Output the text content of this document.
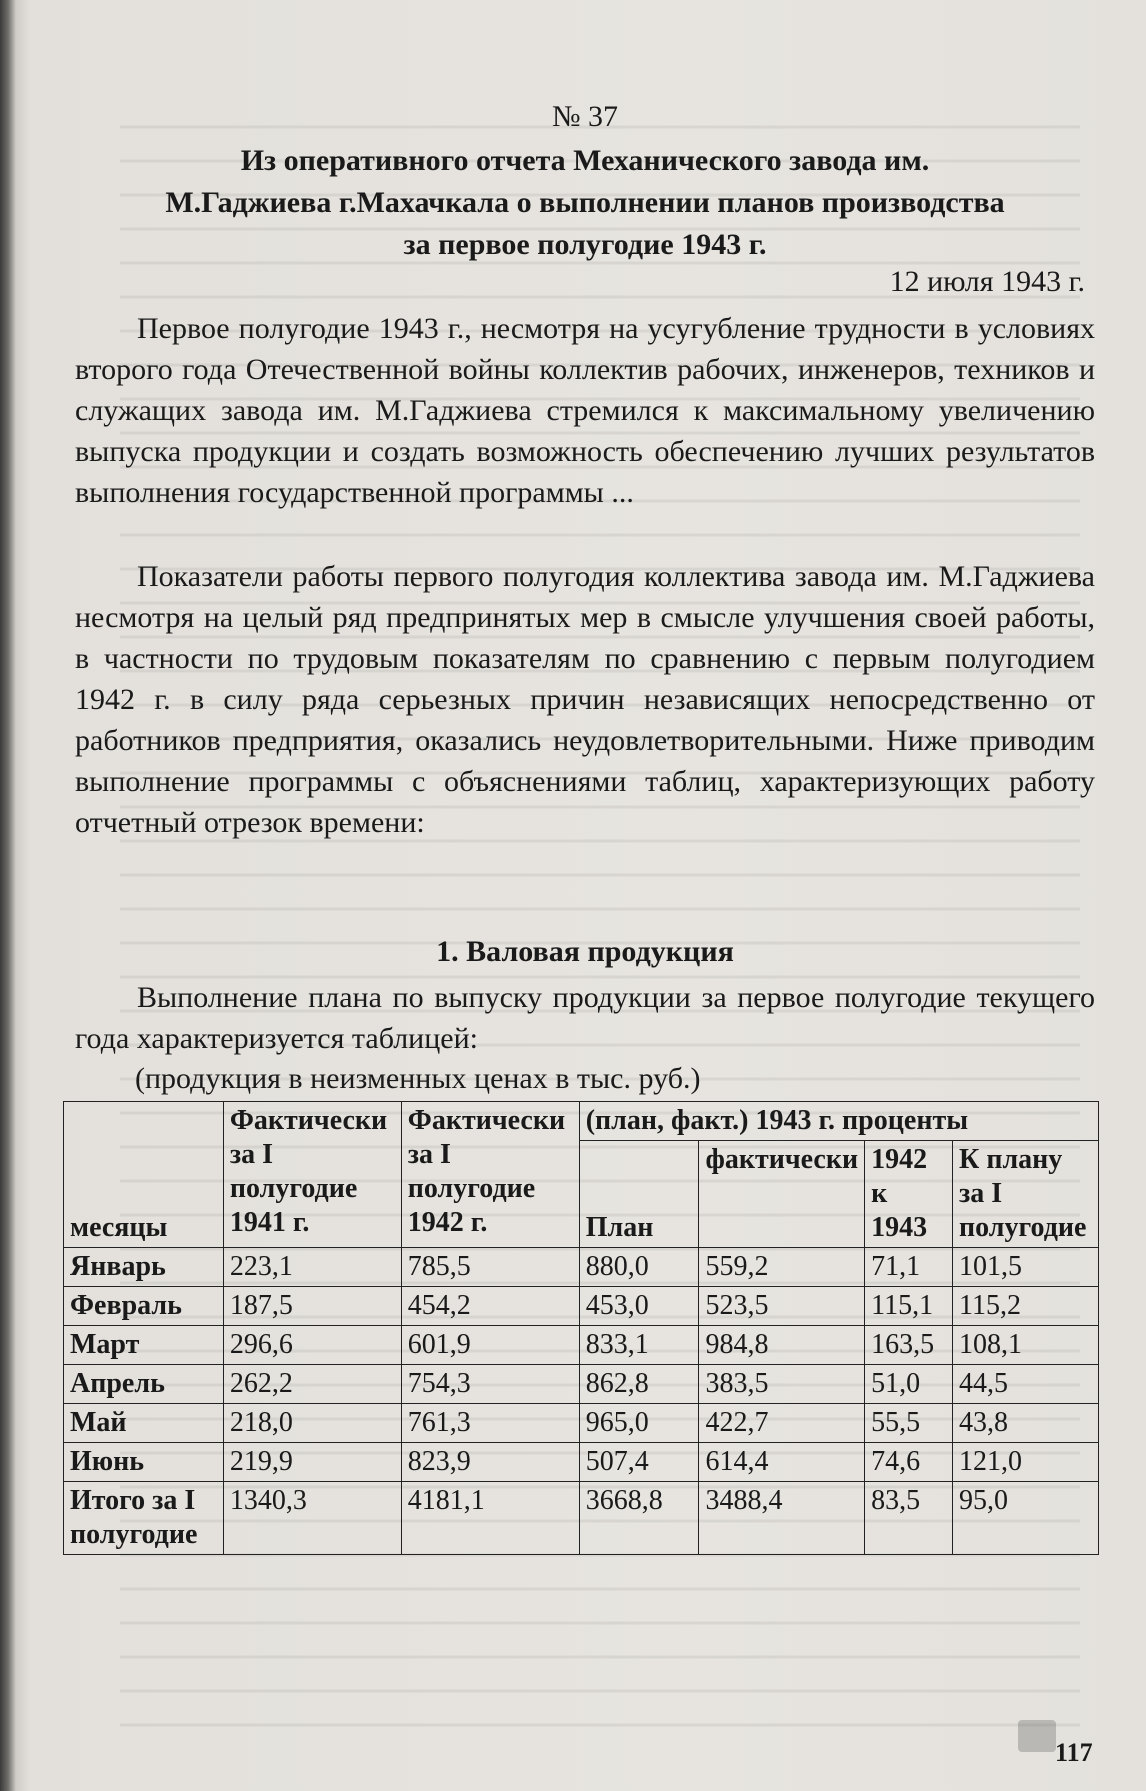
№ 37
Из оперативного отчета Механического завода им.
М.Гаджиева г.Махачкала о выполнении планов производства
за первое полугодие 1943 г.
12 июля 1943 г.
Первое полугодие 1943 г., несмотря на усугубление трудности в условиях второго года Отечественной войны коллектив рабочих, инженеров, техников и служащих завода им. М.Гаджиева стремился к максимальному увеличению выпуска продукции и создать возможность обеспечению лучших результатов выполнения государственной программы ...
Показатели работы первого полугодия коллектива завода им. М.Гаджиева несмотря на целый ряд предпринятых мер в смысле улучшения своей работы, в частности по трудовым показателям по сравнению с первым полугодием 1942 г. в силу ряда серьезных причин независящих непосредственно от работников предприятия, оказались неудовлетворительными. Ниже приводим выполнение программы с объяснениями таблиц, характеризующих работу отчетный отрезок времени:
1. Валовая продукция
Выполнение плана по выпуску продукции за первое полугодие текущего года характеризуется таблицей:
(продукция в неизменных ценах в тыс. руб.)
месяцы	Фактически за I полугодие 1941 г.	Фактически за I полугодие 1942 г.	(план, факт.) 1943 г. проценты			
			План	фактически	1942 к 1943	К плану за I полугодие
Январь	223,1	785,5	880,0	559,2	71,1	101,5
Февраль	187,5	454,2	453,0	523,5	115,1	115,2
Март	296,6	601,9	833,1	984,8	163,5	108,1
Апрель	262,2	754,3	862,8	383,5	51,0	44,5
Май	218,0	761,3	965,0	422,7	55,5	43,8
Июнь	219,9	823,9	507,4	614,4	74,6	121,0
Итого за I полугодие	1340,3	4181,1	3668,8	3488,4	83,5	95,0
117
